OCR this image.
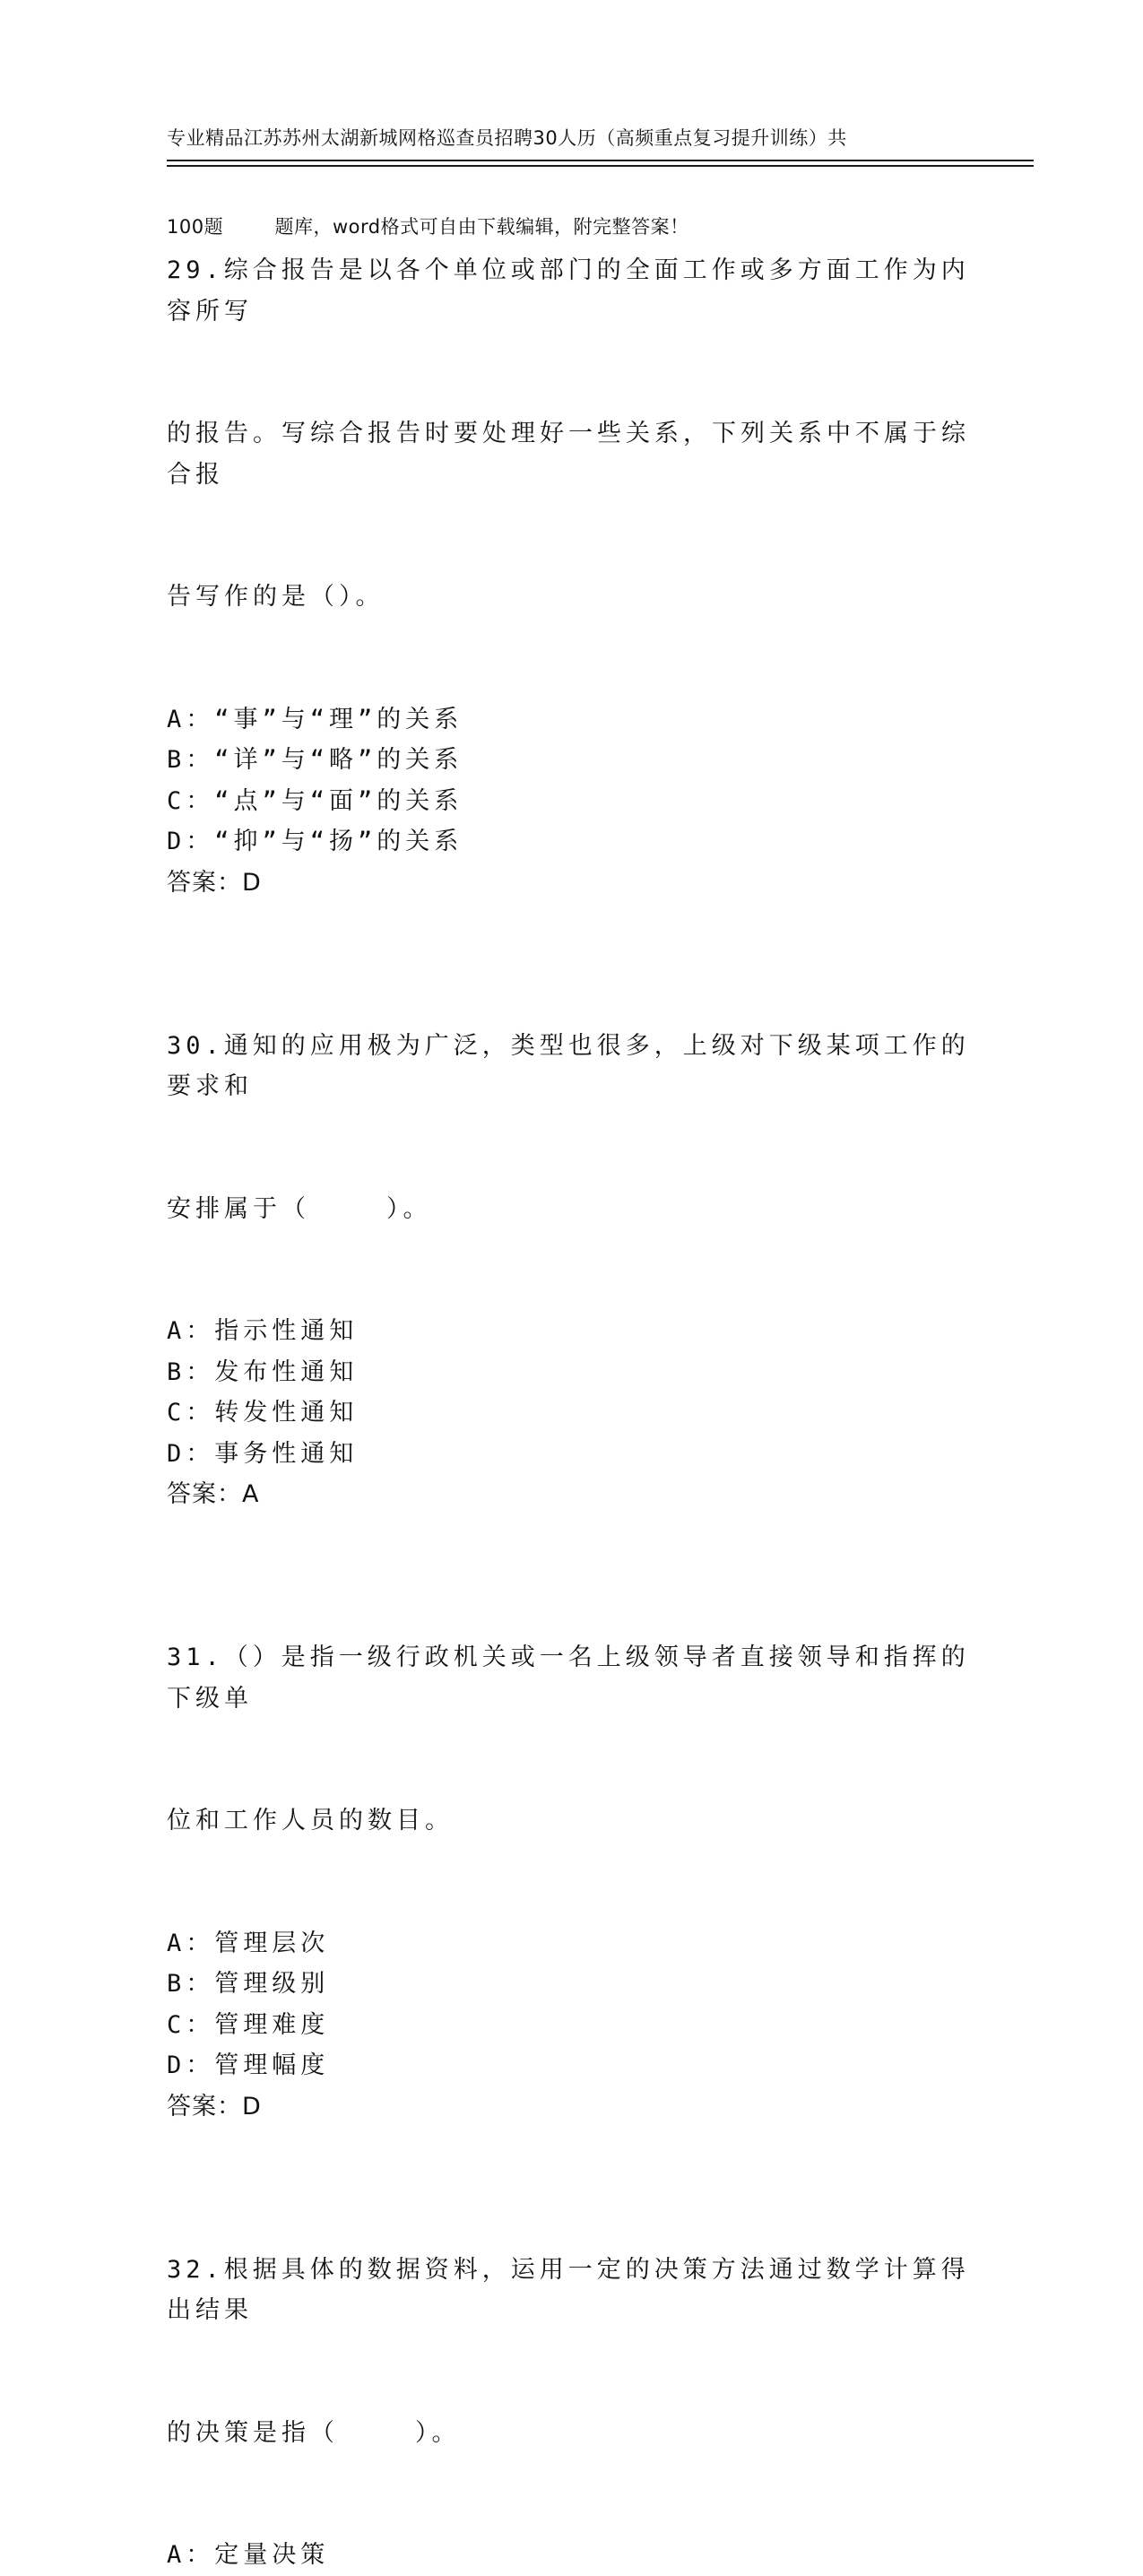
专业精品江苏苏州太湖新城网格巡查员招聘30人历（高频重点复习提升训练）共

100题        题库，word格式可自由下载编辑，附完整答案！

29.综合报告是以各个单位或部门的全面工作或多方面工作为内容所写

的报告。写综合报告时要处理好一些关系，下列关系中不属于综合报

告写作的是（）。

A：“事”与“理”的关系
B：“详”与“略”的关系
C：“点”与“面”的关系
D：“抑”与“扬”的关系
答案：D

30.通知的应用极为广泛，类型也很多，上级对下级某项工作的要求和

安排属于（    ）。

A：指示性通知
B：发布性通知
C：转发性通知
D：事务性通知
答案：A

31.（）是指一级行政机关或一名上级领导者直接领导和指挥的下级单

位和工作人员的数目。

A：管理层次
B：管理级别
C：管理难度
D：管理幅度
答案：D

32.根据具体的数据资料，运用一定的决策方法通过数学计算得出结果

的决策是指（    ）。

A：定量决策
